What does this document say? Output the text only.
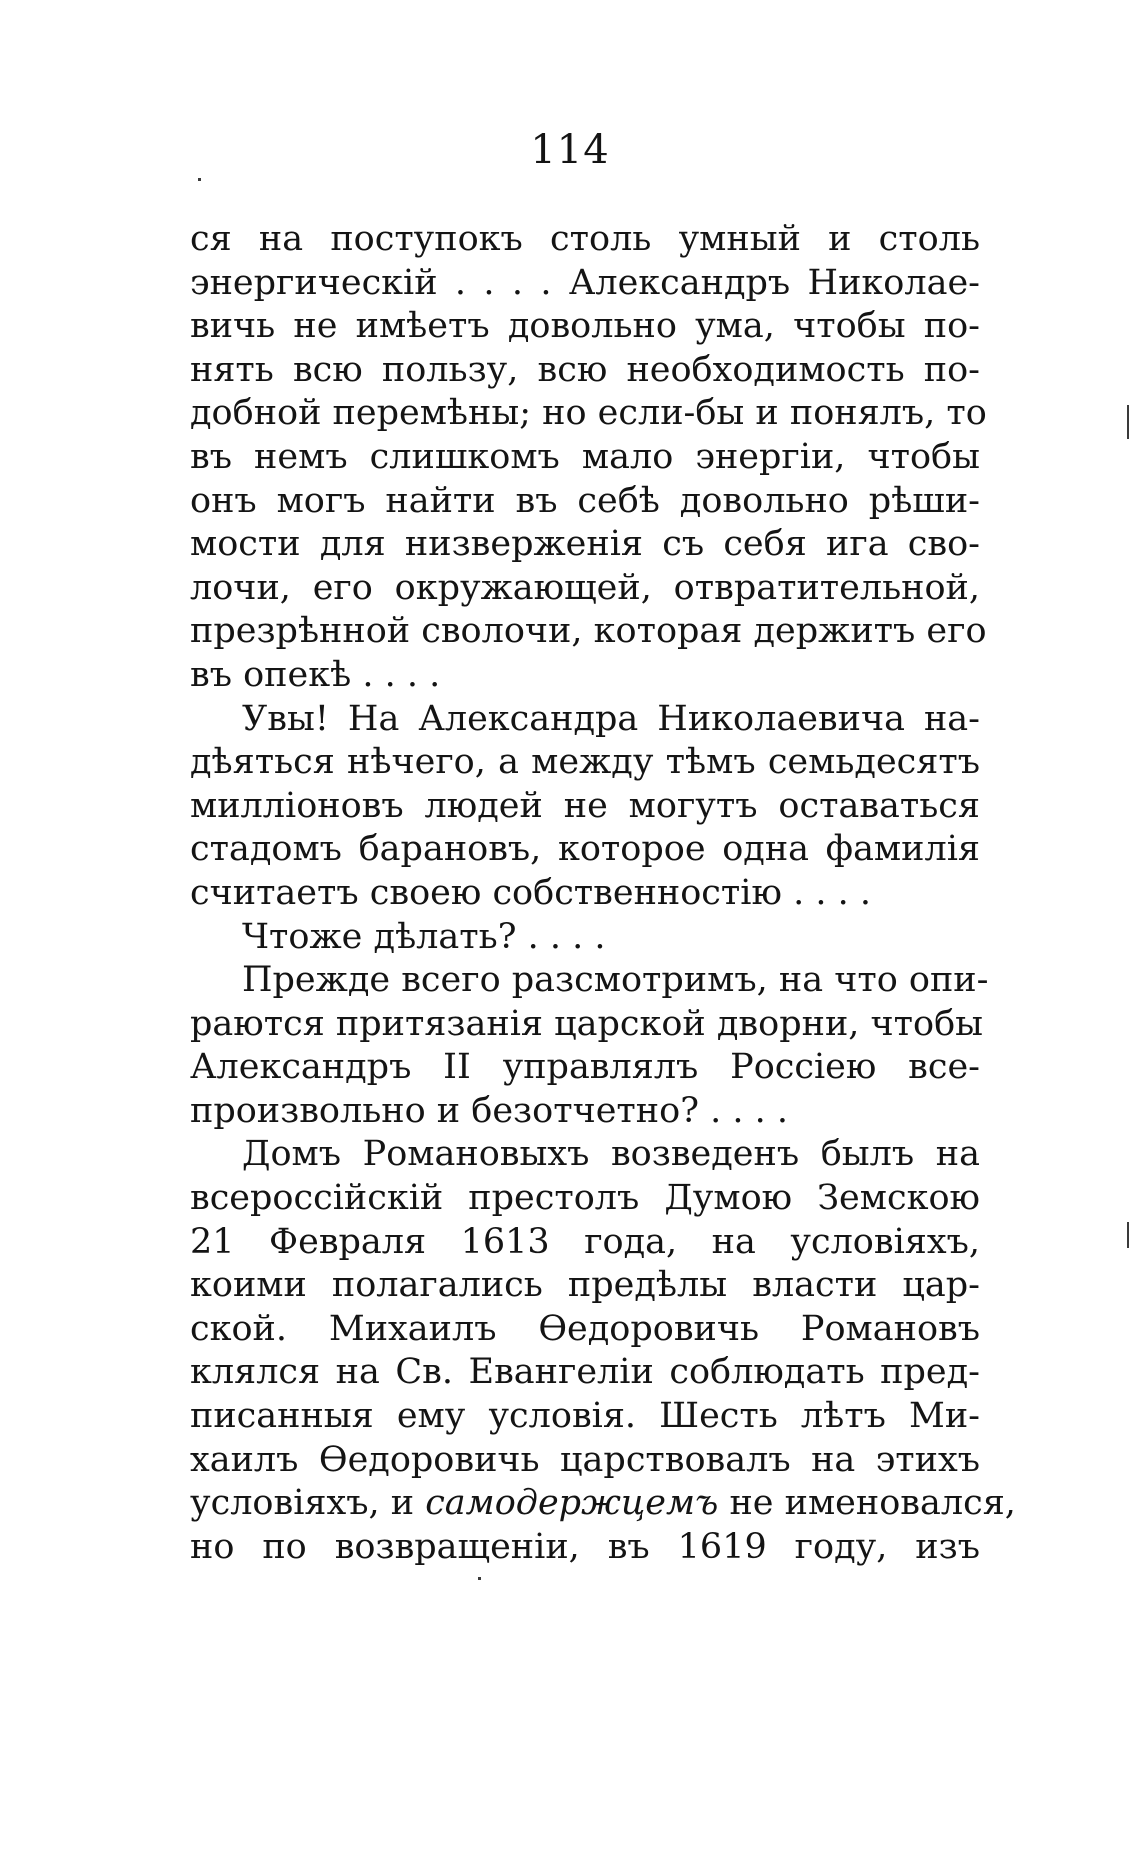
114
ся на поступокъ столь умный и столь
энергическій . . . . Александръ Николае-
вичь не имѣетъ довольно ума, чтобы по-
нять всю пользу, всю необходимость по-
добной перемѣны; но если-бы и понялъ, то
въ немъ слишкомъ мало энергіи, чтобы
онъ могъ найти въ себѣ довольно рѣши-
мости для низверженія съ себя ига сво-
лочи, его окружающей, отвратительной,
презрѣнной сволочи, которая держитъ его
въ опекѣ . . . .
Увы! На Александра Николаевича на-
дѣяться нѣчего, а между тѣмъ семьдесятъ
милліоновъ людей не могутъ оставаться
стадомъ барановъ, которое одна фамилія
считаетъ своею собственностію . . . .
Чтоже дѣлать? . . . .
Прежде всего разсмотримъ, на что опи-
раются притязанія царской дворни, чтобы
Александръ II управлялъ Россіею все-
произвольно и безотчетно? . . . .
Домъ Романовыхъ возведенъ былъ на
всероссійскій престолъ Думою Земскою
21 Февраля 1613 года, на условіяхъ,
коими полагались предѣлы власти цар-
ской. Михаилъ Ѳедоровичь Романовъ
клялся на Св. Евангеліи соблюдать пред-
писанныя ему условія. Шесть лѣтъ Ми-
хаилъ Ѳедоровичь царствовалъ на этихъ
условіяхъ, и самодержцемъ не именовался,
но по возвращеніи, въ 1619 году, изъ
